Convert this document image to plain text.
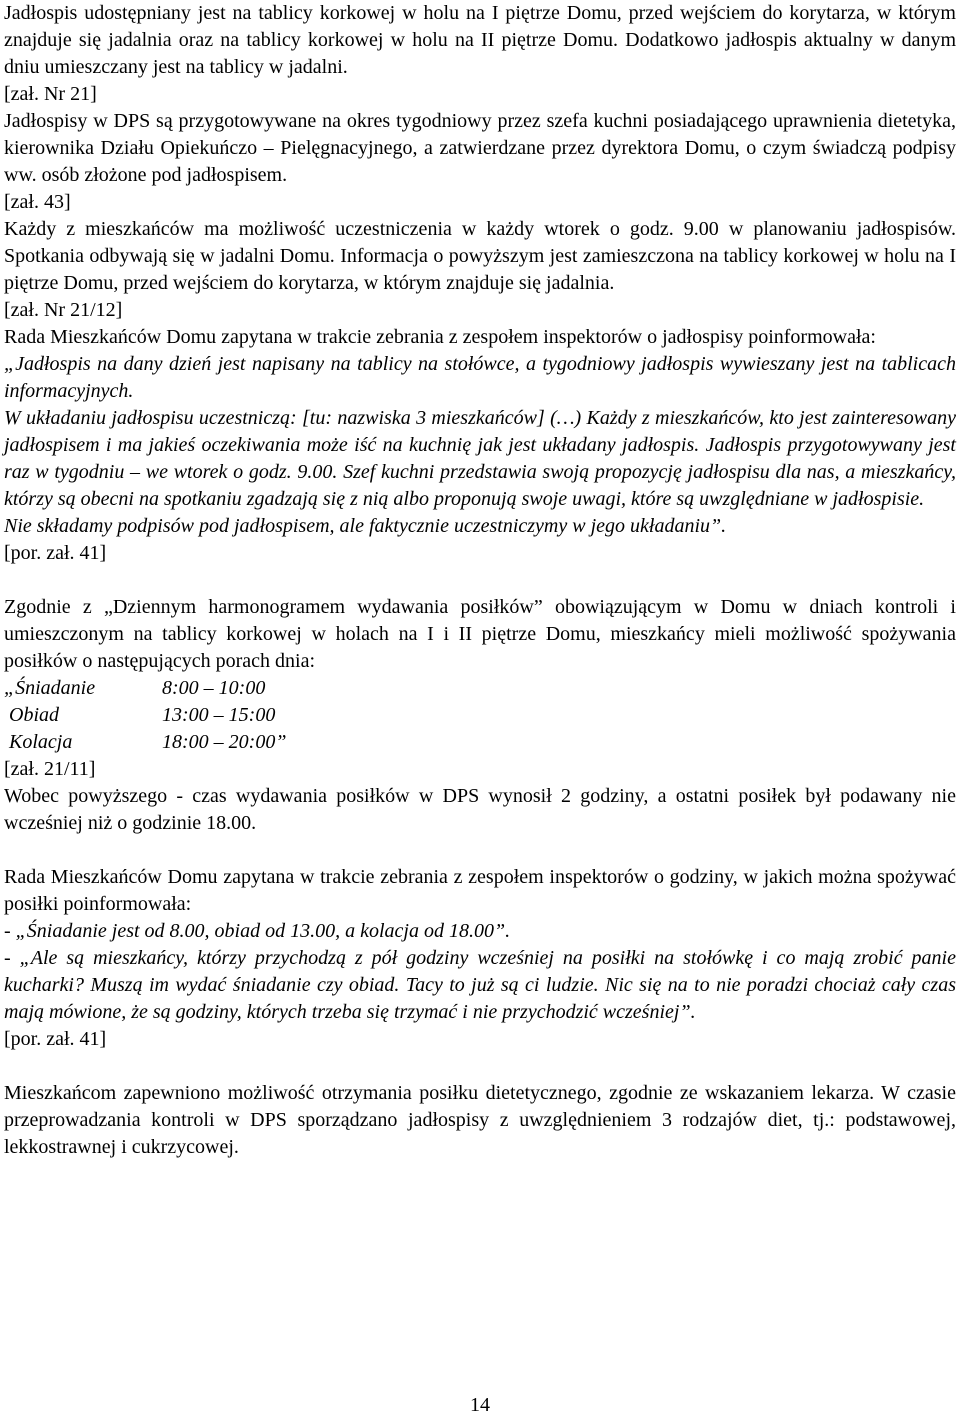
Jadłospis udostępniany jest na tablicy korkowej w holu na I piętrze Domu, przed wejściem do korytarza, w którym znajduje się jadalnia oraz na tablicy korkowej w holu na II piętrze Domu. Dodatkowo jadłospis aktualny w danym dniu umieszczany jest na tablicy w jadalni.

[zał. Nr 21]

Jadłospisy w DPS są przygotowywane na okres tygodniowy przez szefa kuchni posiadającego uprawnienia dietetyka, kierownika Działu Opiekuńczo – Pielęgnacyjnego, a zatwierdzane przez dyrektora Domu, o czym świadczą podpisy ww. osób złożone pod jadłospisem.

[zał. 43]

Każdy z mieszkańców ma możliwość uczestniczenia w każdy wtorek o godz. 9.00 w planowaniu jadłospisów. Spotkania odbywają się w jadalni Domu. Informacja o powyższym jest zamieszczona na tablicy korkowej w holu na I piętrze Domu, przed wejściem do korytarza, w którym znajduje się jadalnia.

[zał. Nr 21/12]

Rada Mieszkańców Domu zapytana w trakcie zebrania z zespołem inspektorów o jadłospisy poinformowała:

„Jadłospis na dany dzień jest napisany na tablicy na stołówce, a tygodniowy jadłospis wywieszany jest na tablicach informacyjnych.

W układaniu jadłospisu uczestniczą: [tu: nazwiska 3 mieszkańców] (…) Każdy z mieszkańców, kto jest zainteresowany jadłospisem i ma jakieś oczekiwania może iść na kuchnię jak jest układany jadłospis. Jadłospis przygotowywany jest raz w tygodniu – we wtorek o godz. 9.00. Szef kuchni przedstawia swoją propozycję jadłospisu dla nas, a mieszkańcy, którzy są obecni na spotkaniu zgadzają się z nią albo proponują swoje uwagi, które są uwzględniane w jadłospisie.

Nie składamy podpisów pod jadłospisem, ale faktycznie uczestniczymy w jego układaniu”.

[por. zał. 41]

Zgodnie z „Dziennym harmonogramem wydawania posiłków” obowiązującym w Domu w dniach kontroli i umieszczonym na tablicy korkowej w holach na I i II piętrze Domu, mieszkańcy mieli możliwość spożywania posiłków o następujących porach dnia:

„Śniadanie	8:00 – 10:00
Obiad	13:00 – 15:00
Kolacja	18:00 – 20:00”

[zał. 21/11]

Wobec powyższego - czas wydawania posiłków w DPS wynosił 2 godziny, a ostatni posiłek był podawany nie wcześniej niż o godzinie 18.00.

Rada Mieszkańców Domu zapytana w trakcie zebrania z zespołem inspektorów o godziny, w jakich można spożywać posiłki poinformowała:

- „Śniadanie jest od 8.00, obiad od 13.00, a kolacja od 18.00”.

- „Ale są mieszkańcy, którzy przychodzą z pół godziny wcześniej na posiłki na stołówkę i co mają zrobić panie kucharki? Muszą im wydać śniadanie czy obiad. Tacy to już są ci ludzie. Nic się na to nie poradzi chociaż cały czas mają mówione, że są godziny, których trzeba się trzymać i nie przychodzić wcześniej”.

[por. zał. 41]

Mieszkańcom zapewniono możliwość otrzymania posiłku dietetycznego, zgodnie ze wskazaniem lekarza. W czasie przeprowadzania kontroli w DPS sporządzano jadłospisy z uwzględnieniem 3 rodzajów diet, tj.: podstawowej, lekkostrawnej i cukrzycowej.

14
